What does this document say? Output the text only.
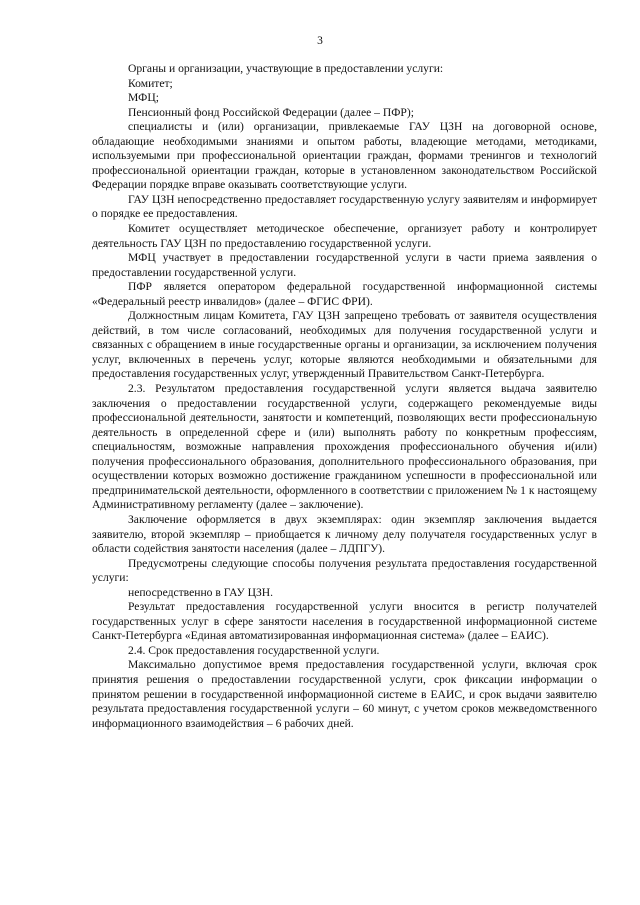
3

Органы и организации, участвующие в предоставлении услуги:

Комитет;

МФЦ;

Пенсионный фонд Российской Федерации (далее – ПФР);

специалисты и (или) организации, привлекаемые ГАУ ЦЗН на договорной основе, обладающие необходимыми знаниями и опытом работы, владеющие методами, методиками, используемыми при профессиональной ориентации граждан, формами тренингов и технологий профессиональной ориентации граждан, которые в установленном законодательством Российской Федерации порядке вправе оказывать соответствующие услуги.

ГАУ ЦЗН непосредственно предоставляет государственную услугу заявителям и информирует о порядке ее предоставления.

Комитет осуществляет методическое обеспечение, организует работу и контролирует деятельность ГАУ ЦЗН по предоставлению государственной услуги.

МФЦ участвует в предоставлении государственной услуги в части приема заявления о предоставлении государственной услуги.

ПФР является оператором федеральной государственной информационной системы «Федеральный реестр инвалидов» (далее – ФГИС ФРИ).

Должностным лицам Комитета, ГАУ ЦЗН запрещено требовать от заявителя осуществления действий, в том числе согласований, необходимых для получения государственной услуги и связанных с обращением в иные государственные органы и организации, за исключением получения услуг, включенных в перечень услуг, которые являются необходимыми и обязательными для предоставления государственных услуг, утвержденный Правительством Санкт-Петербурга.

2.3. Результатом предоставления государственной услуги является выдача заявителю заключения о предоставлении государственной услуги, содержащего рекомендуемые виды профессиональной деятельности, занятости и компетенций, позволяющих вести профессиональную деятельность в определенной сфере и (или) выполнять работу по конкретным профессиям, специальностям, возможные направления прохождения профессионального обучения и(или) получения профессионального образования, дополнительного профессионального образования, при осуществлении которых возможно достижение гражданином успешности в профессиональной или предпринимательской деятельности, оформленного в соответствии с приложением № 1 к настоящему Административному регламенту (далее – заключение).

Заключение оформляется в двух экземплярах: один экземпляр заключения выдается заявителю, второй экземпляр – приобщается к личному делу получателя государственных услуг в области содействия занятости населения (далее – ЛДПГУ).

Предусмотрены следующие способы получения результата предоставления государственной услуги:

непосредственно в ГАУ ЦЗН.

Результат предоставления государственной услуги вносится в регистр получателей государственных услуг в сфере занятости населения в государственной информационной системе Санкт-Петербурга «Единая автоматизированная информационная система» (далее – ЕАИС).

2.4. Срок предоставления государственной услуги.

Максимально допустимое время предоставления государственной услуги, включая срок принятия решения о предоставлении государственной услуги, срок фиксации информации о принятом решении в государственной информационной системе в ЕАИС, и срок выдачи заявителю результата предоставления государственной услуги – 60 минут, с учетом сроков межведомственного информационного взаимодействия – 6 рабочих дней.
